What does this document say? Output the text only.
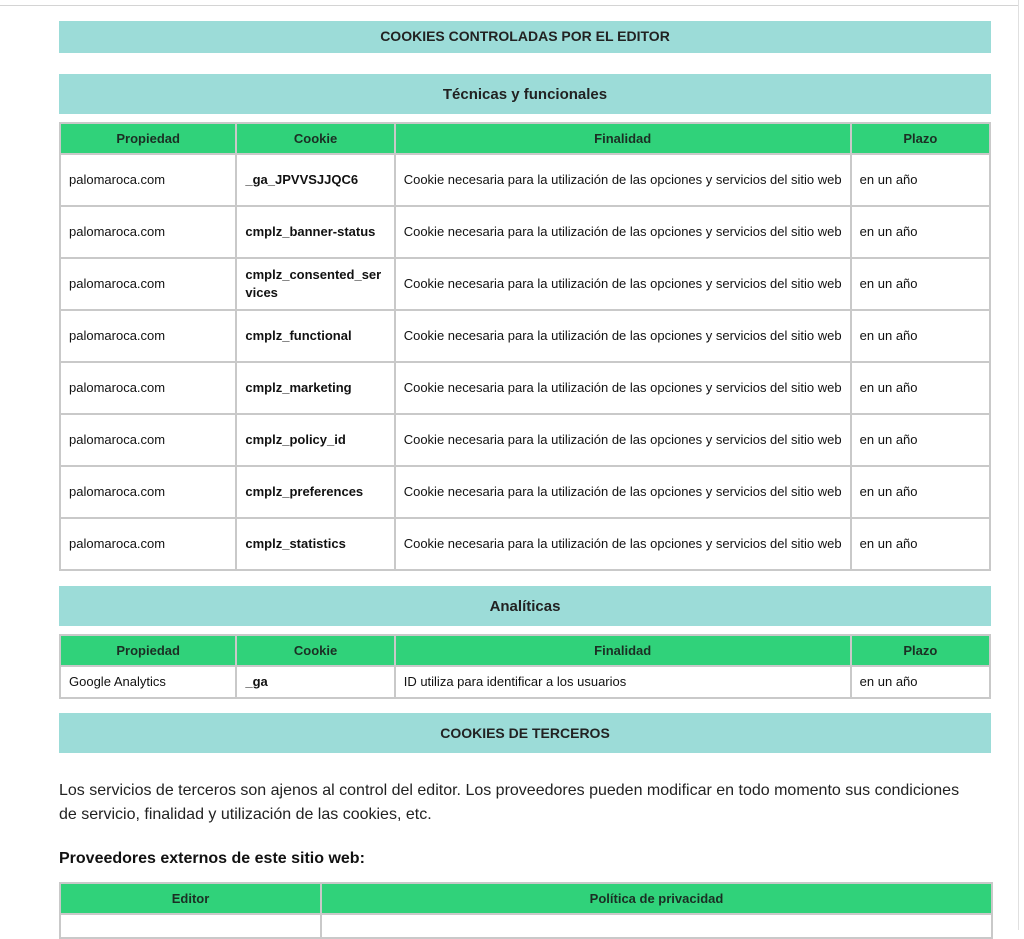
COOKIES CONTROLADAS POR EL EDITOR
Técnicas y funcionales
Propiedad	Cookie	Finalidad	Plazo
palomaroca.com	_ga_JPVVSJJQC6	Cookie necesaria para la utilización de las opciones y servicios del sitio web	en un año
palomaroca.com	cmplz_banner-status	Cookie necesaria para la utilización de las opciones y servicios del sitio web	en un año
palomaroca.com	cmplz_consented_services	Cookie necesaria para la utilización de las opciones y servicios del sitio web	en un año
palomaroca.com	cmplz_functional	Cookie necesaria para la utilización de las opciones y servicios del sitio web	en un año
palomaroca.com	cmplz_marketing	Cookie necesaria para la utilización de las opciones y servicios del sitio web	en un año
palomaroca.com	cmplz_policy_id	Cookie necesaria para la utilización de las opciones y servicios del sitio web	en un año
palomaroca.com	cmplz_preferences	Cookie necesaria para la utilización de las opciones y servicios del sitio web	en un año
palomaroca.com	cmplz_statistics	Cookie necesaria para la utilización de las opciones y servicios del sitio web	en un año
Analíticas
Propiedad	Cookie	Finalidad	Plazo
Google Analytics	_ga	ID utiliza para identificar a los usuarios	en un año
COOKIES DE TERCEROS
Los servicios de terceros son ajenos al control del editor. Los proveedores pueden modificar en todo momento sus condiciones de servicio, finalidad y utilización de las cookies, etc.
Proveedores externos de este sitio web:
Editor	Política de privacidad
